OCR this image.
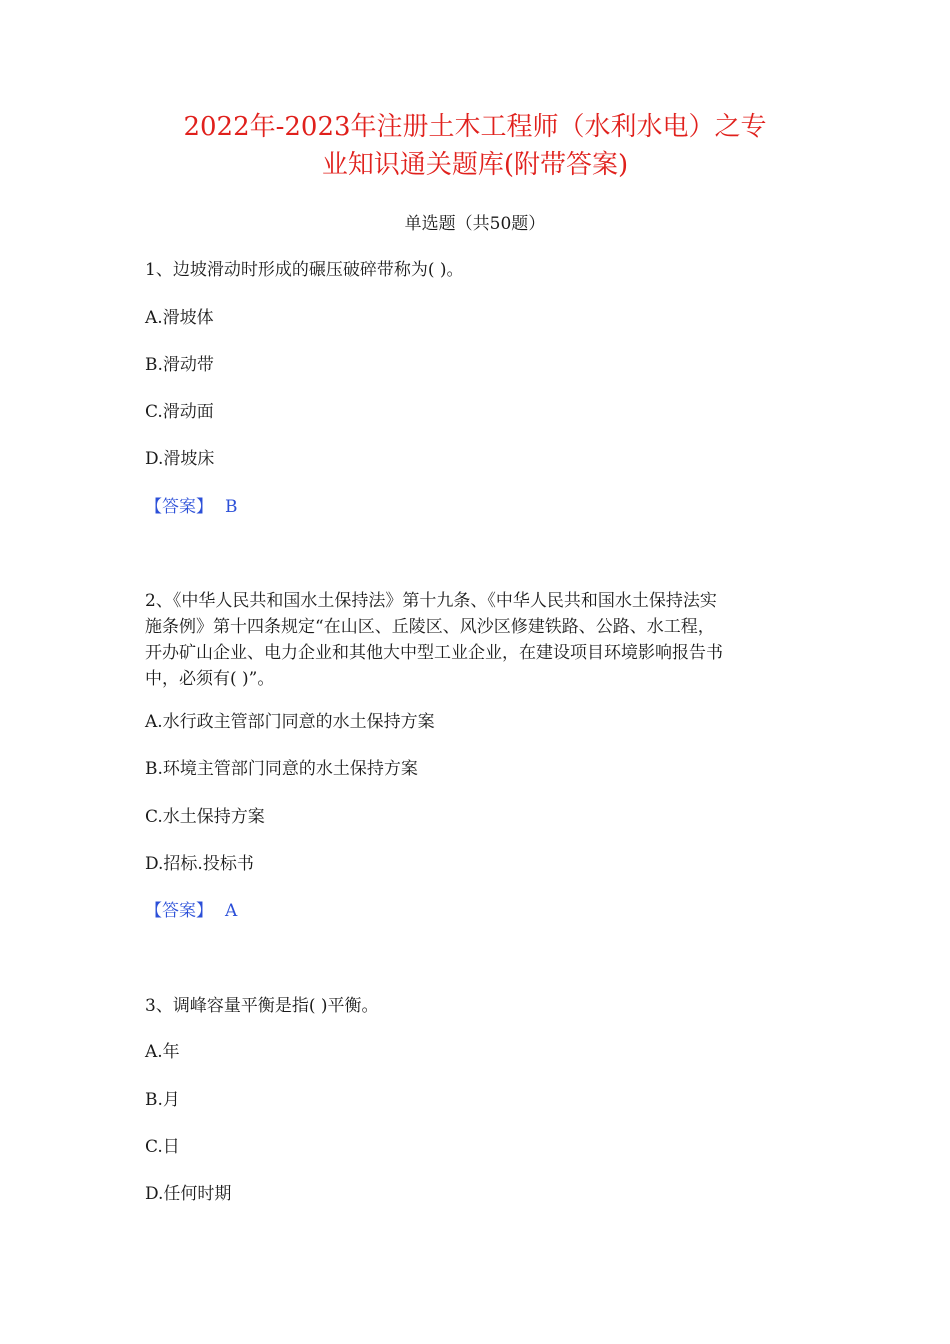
2022年-2023年注册土木工程师（水利水电）之专
业知识通关题库(附带答案)
单选题（共50题）
1、边坡滑动时形成的碾压破碎带称为( )。
A.滑坡体
B.滑动带
C.滑动面
D.滑坡床
【答案】 B
2、《中华人民共和国水土保持法》第十九条、《中华人民共和国水土保持法实
施条例》第十四条规定“在山区、丘陵区、风沙区修建铁路、公路、水工程，
开办矿山企业、电力企业和其他大中型工业企业，在建设项目环境影响报告书
中，必须有( )”。
A.水行政主管部门同意的水土保持方案
B.环境主管部门同意的水土保持方案
C.水土保持方案
D.招标.投标书
【答案】 A
3、调峰容量平衡是指( )平衡。
A.年
B.月
C.日
D.任何时期
